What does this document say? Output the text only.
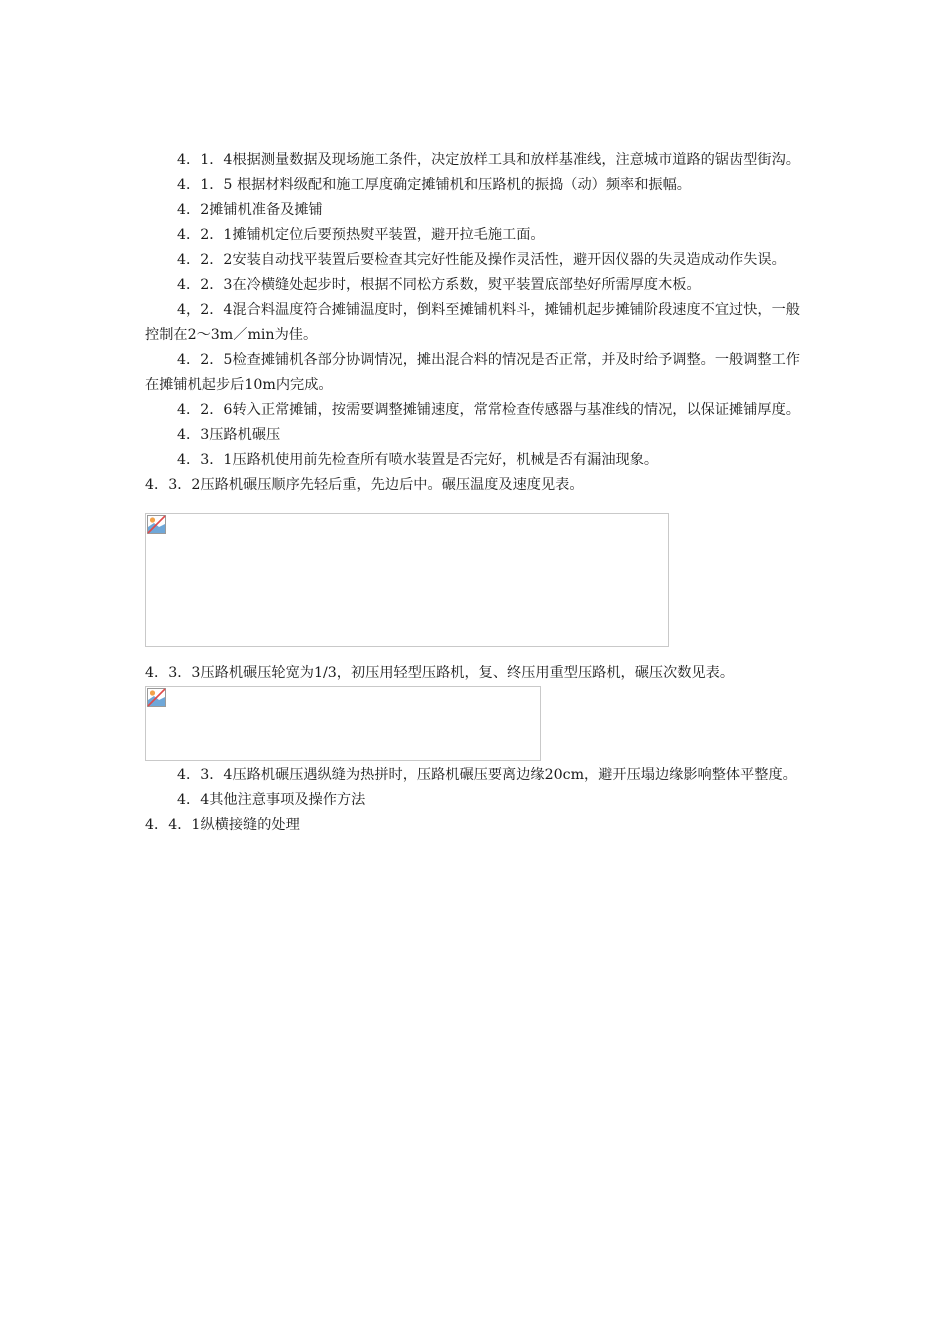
4．1．4根据测量数据及现场施工条件，决定放样工具和放样基准线，注意城市道路的锯齿型街沟。

4．1．5 根据材料级配和施工厚度确定摊铺机和压路机的振捣（动）频率和振幅。

4．2摊铺机准备及摊铺

4．2．1摊铺机定位后要预热熨平装置，避开拉毛施工面。

4．2．2安装自动找平装置后要检查其完好性能及操作灵活性，避开因仪器的失灵造成动作失误。

4．2．3在冷横缝处起步时，根据不同松方系数，熨平装置底部垫好所需厚度木板。

4，2．4混合料温度符合摊铺温度时，倒料至摊铺机料斗，摊铺机起步摊铺阶段速度不宜过快，一般控制在2～3m／min为佳。

4．2．5检查摊铺机各部分协调情况，摊出混合料的情况是否正常，并及时给予调整。一般调整工作在摊铺机起步后10m内完成。

4．2．6转入正常摊铺，按需要调整摊铺速度，常常检查传感器与基准线的情况，以保证摊铺厚度。

4．3压路机碾压

4．3．1压路机使用前先检查所有喷水装置是否完好，机械是否有漏油现象。

4．3．2压路机碾压顺序先轻后重，先边后中。碾压温度及速度见表。

4．3．3压路机碾压轮宽为1/3，初压用轻型压路机，复、终压用重型压路机，碾压次数见表。

4．3．4压路机碾压遇纵缝为热拼时，压路机碾压要离边缘20cm，避开压塌边缘影响整体平整度。

4．4其他注意事项及操作方法

4．4．1纵横接缝的处理
